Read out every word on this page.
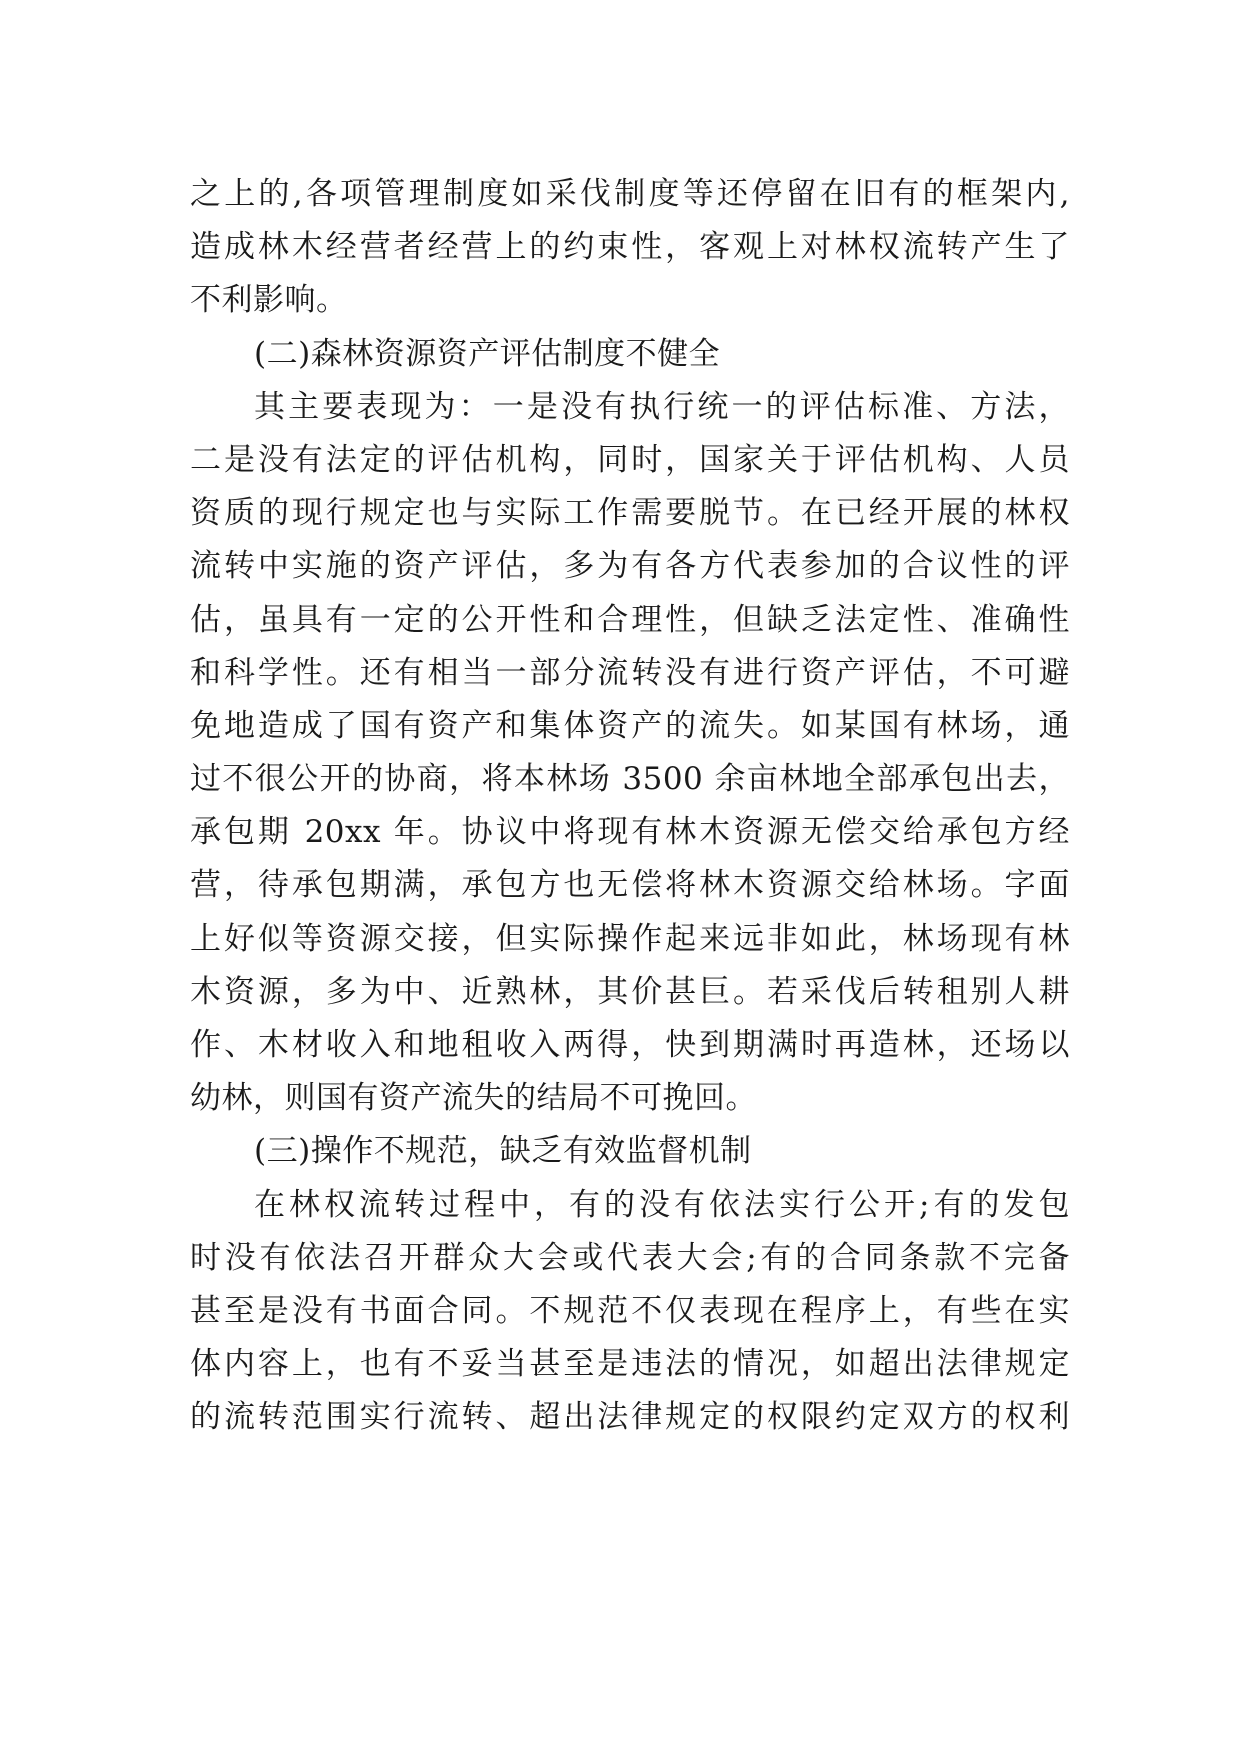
之上的,各项管理制度如采伐制度等还停留在旧有的框架内,
造成林木经营者经营上的约束性，客观上对林权流转产生了
不利影响。
(二)森林资源资产评估制度不健全
其主要表现为：一是没有执行统一的评估标准、方法，
二是没有法定的评估机构，同时，国家关于评估机构、人员
资质的现行规定也与实际工作需要脱节。在已经开展的林权
流转中实施的资产评估，多为有各方代表参加的合议性的评
估，虽具有一定的公开性和合理性，但缺乏法定性、准确性
和科学性。还有相当一部分流转没有进行资产评估，不可避
免地造成了国有资产和集体资产的流失。如某国有林场，通
过不很公开的协商，将本林场 3500 余亩林地全部承包出去，
承包期 20xx 年。协议中将现有林木资源无偿交给承包方经
营，待承包期满，承包方也无偿将林木资源交给林场。字面
上好似等资源交接，但实际操作起来远非如此，林场现有林
木资源，多为中、近熟林，其价甚巨。若采伐后转租别人耕
作、木材收入和地租收入两得，快到期满时再造林，还场以
幼林，则国有资产流失的结局不可挽回。
(三)操作不规范，缺乏有效监督机制
在林权流转过程中，有的没有依法实行公开;有的发包
时没有依法召开群众大会或代表大会;有的合同条款不完备
甚至是没有书面合同。不规范不仅表现在程序上，有些在实
体内容上，也有不妥当甚至是违法的情况，如超出法律规定
的流转范围实行流转、超出法律规定的权限约定双方的权利
